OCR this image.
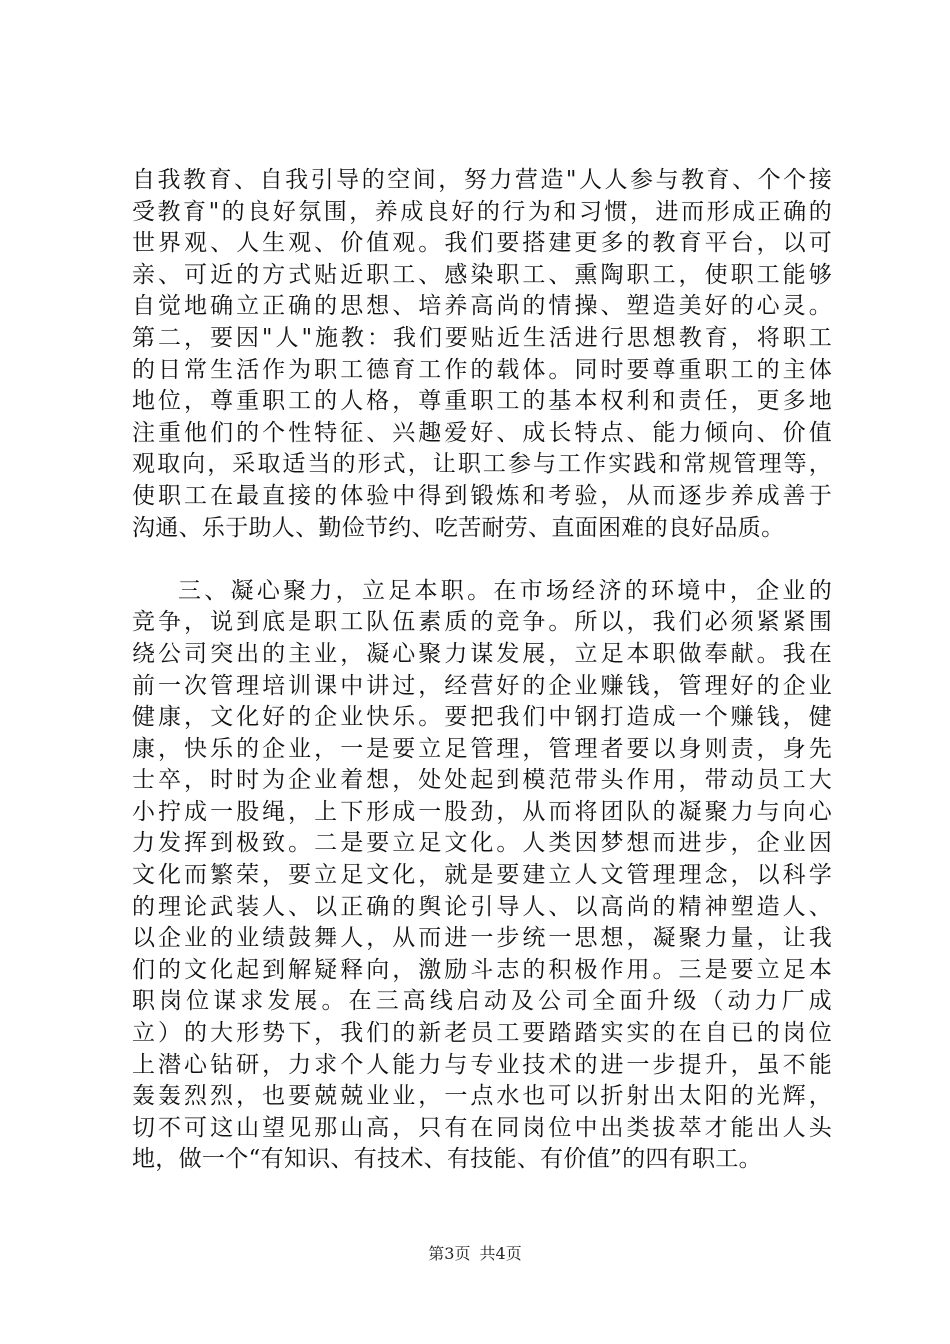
自我教育、自我引导的空间，努力营造"人人参与教育、个个接
受教育"的良好氛围，养成良好的行为和习惯，进而形成正确的
世界观、人生观、价值观。我们要搭建更多的教育平台，以可
亲、可近的方式贴近职工、感染职工、熏陶职工，使职工能够
自觉地确立正确的思想、培养高尚的情操、塑造美好的心灵。
第二，要因"人"施教：我们要贴近生活进行思想教育，将职工
的日常生活作为职工德育工作的载体。同时要尊重职工的主体
地位，尊重职工的人格，尊重职工的基本权利和责任，更多地
注重他们的个性特征、兴趣爱好、成长特点、能力倾向、价值
观取向，采取适当的形式，让职工参与工作实践和常规管理等，
使职工在最直接的体验中得到锻炼和考验，从而逐步养成善于
沟通、乐于助人、勤俭节约、吃苦耐劳、直面困难的良好品质。
三、凝心聚力，立足本职。在市场经济的环境中，企业的
竞争，说到底是职工队伍素质的竞争。所以，我们必须紧紧围
绕公司突出的主业，凝心聚力谋发展，立足本职做奉献。我在
前一次管理培训课中讲过，经营好的企业赚钱，管理好的企业
健康，文化好的企业快乐。要把我们中钢打造成一个赚钱，健
康，快乐的企业，一是要立足管理，管理者要以身则责，身先
士卒，时时为企业着想，处处起到模范带头作用，带动员工大
小拧成一股绳，上下形成一股劲，从而将团队的凝聚力与向心
力发挥到极致。二是要立足文化。人类因梦想而进步，企业因
文化而繁荣，要立足文化，就是要建立人文管理理念，以科学
的理论武装人、以正确的舆论引导人、以高尚的精神塑造人、
以企业的业绩鼓舞人，从而进一步统一思想，凝聚力量，让我
们的文化起到解疑释向，激励斗志的积极作用。三是要立足本
职岗位谋求发展。在三高线启动及公司全面升级（动力厂成
立）的大形势下，我们的新老员工要踏踏实实的在自已的岗位
上潜心钻研，力求个人能力与专业技术的进一步提升，虽不能
轰轰烈烈，也要兢兢业业，一点水也可以折射出太阳的光辉，
切不可这山望见那山高，只有在同岗位中出类拔萃才能出人头
地，做一个“有知识、有技术、有技能、有价值”的四有职工。
第3页 共4页
